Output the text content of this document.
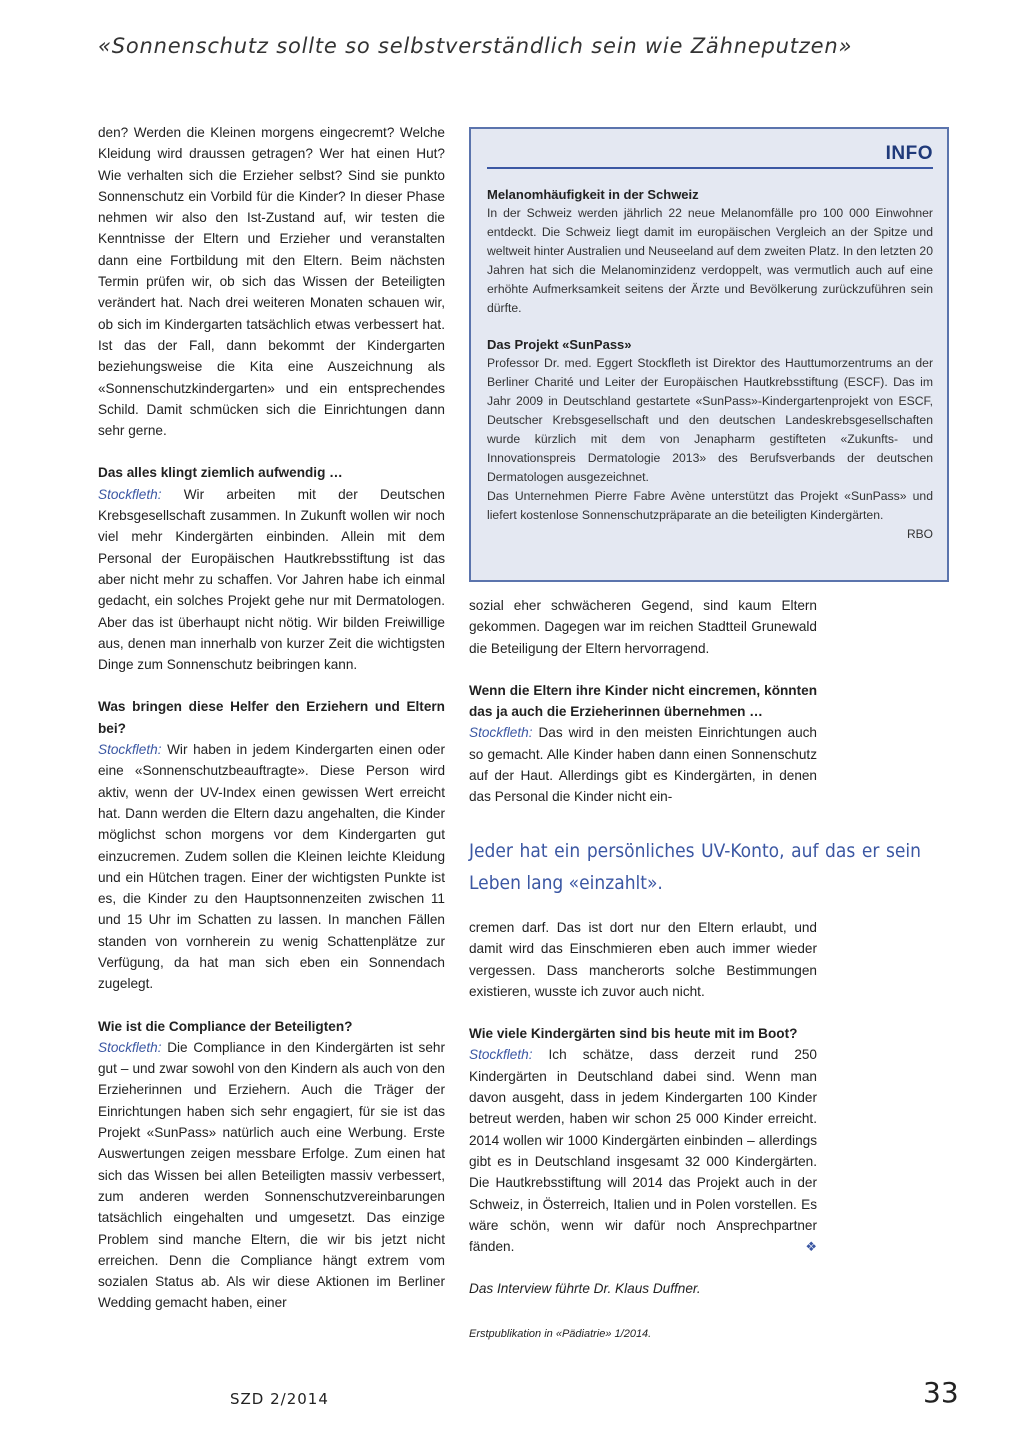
«Sonnenschutz sollte so selbstverständlich sein wie Zähneputzen»

den? Werden die Kleinen morgens eingecremt? Welche Kleidung wird draussen getragen? Wer hat einen Hut? Wie verhalten sich die Erzieher selbst? Sind sie punkto Sonnenschutz ein Vorbild für die Kinder? In dieser Phase nehmen wir also den Ist-Zustand auf, wir testen die Kenntnisse der Eltern und Erzieher und veranstalten dann eine Fortbildung mit den Eltern. Beim nächsten Termin prüfen wir, ob sich das Wissen der Beteiligten verändert hat. Nach drei weiteren Monaten schauen wir, ob sich im Kindergarten tatsächlich etwas verbessert hat. Ist das der Fall, dann bekommt der Kindergarten beziehungsweise die Kita eine Auszeichnung als «Sonnenschutzkindergarten» und ein entsprechendes Schild. Damit schmücken sich die Einrichtungen dann sehr gerne.

Das alles klingt ziemlich aufwendig …

Stockfleth: Wir arbeiten mit der Deutschen Krebsgesellschaft zusammen. In Zukunft wollen wir noch viel mehr Kindergärten einbinden. Allein mit dem Personal der Europäischen Hautkrebsstiftung ist das aber nicht mehr zu schaffen. Vor Jahren habe ich einmal gedacht, ein solches Projekt gehe nur mit Dermatologen. Aber das ist überhaupt nicht nötig. Wir bilden Freiwillige aus, denen man innerhalb von kurzer Zeit die wichtigsten Dinge zum Sonnenschutz beibringen kann.

Was bringen diese Helfer den Erziehern und Eltern bei?

Stockfleth: Wir haben in jedem Kindergarten einen oder eine «Sonnenschutzbeauftragte». Diese Person wird aktiv, wenn der UV-Index einen gewissen Wert erreicht hat. Dann werden die Eltern dazu angehalten, die Kinder möglichst schon morgens vor dem Kindergarten gut einzucremen. Zudem sollen die Kleinen leichte Kleidung und ein Hütchen tragen. Einer der wichtigsten Punkte ist es, die Kinder zu den Hauptsonnenzeiten zwischen 11 und 15 Uhr im Schatten zu lassen. In manchen Fällen standen von vornherein zu wenig Schattenplätze zur Verfügung, da hat man sich eben ein Sonnendach zugelegt.

Wie ist die Compliance der Beteiligten?

Stockfleth: Die Compliance in den Kindergärten ist sehr gut – und zwar sowohl von den Kindern als auch von den Erzieherinnen und Erziehern. Auch die Träger der Einrichtungen haben sich sehr engagiert, für sie ist das Projekt «SunPass» natürlich auch eine Werbung. Erste Auswertungen zeigen messbare Erfolge. Zum einen hat sich das Wissen bei allen Beteiligten massiv verbessert, zum anderen werden Sonnenschutzvereinbarungen tatsächlich eingehalten und umgesetzt. Das einzige Problem sind manche Eltern, die wir bis jetzt nicht erreichen. Denn die Compliance hängt extrem vom sozialen Status ab. Als wir diese Aktionen im Berliner Wedding gemacht haben, einer

INFO
Melanomhäufigkeit in der Schweiz

In der Schweiz werden jährlich 22 neue Melanomfälle pro 100 000 Einwohner entdeckt. Die Schweiz liegt damit im europäischen Vergleich an der Spitze und weltweit hinter Australien und Neuseeland auf dem zweiten Platz. In den letzten 20 Jahren hat sich die Melanominzidenz verdoppelt, was vermutlich auch auf eine erhöhte Aufmerksamkeit seitens der Ärzte und Bevölkerung zurückzuführen sein dürfte.

Das Projekt «SunPass»

Professor Dr. med. Eggert Stockfleth ist Direktor des Hauttumorzentrums an der Berliner Charité und Leiter der Europäischen Hautkrebsstiftung (ESCF). Das im Jahr 2009 in Deutschland gestartete «SunPass»-Kindergartenprojekt von ESCF, Deutscher Krebsgesellschaft und den deutschen Landeskrebsgesellschaften wurde kürzlich mit dem von Jenapharm gestifteten «Zukunfts- und Innovationspreis Dermatologie 2013» des Berufsverbands der deutschen Dermatologen ausgezeichnet.

Das Unternehmen Pierre Fabre Avène unterstützt das Projekt «SunPass» und liefert kostenlose Sonnenschutzpräparate an die beteiligten Kindergärten.

RBO

sozial eher schwächeren Gegend, sind kaum Eltern gekommen. Dagegen war im reichen Stadtteil Grunewald die Beteiligung der Eltern hervorragend.

Wenn die Eltern ihre Kinder nicht eincremen, könnten das ja auch die Erzieherinnen übernehmen …

Stockfleth: Das wird in den meisten Einrichtungen auch so gemacht. Alle Kinder haben dann einen Sonnenschutz auf der Haut. Allerdings gibt es Kindergärten, in denen das Personal die Kinder nicht ein-

Jeder hat ein persönliches UV-Konto, auf das er sein Leben lang «einzahlt».

cremen darf. Das ist dort nur den Eltern erlaubt, und damit wird das Einschmieren eben auch immer wieder vergessen. Dass mancherorts solche Bestimmungen existieren, wusste ich zuvor auch nicht.

Wie viele Kindergärten sind bis heute mit im Boot?

Stockfleth: Ich schätze, dass derzeit rund 250 Kindergärten in Deutschland dabei sind. Wenn man davon ausgeht, dass in jedem Kindergarten 100 Kinder betreut werden, haben wir schon 25 000 Kinder erreicht. 2014 wollen wir 1000 Kindergärten einbinden – allerdings gibt es in Deutschland insgesamt 32 000 Kindergärten. Die Hautkrebsstiftung will 2014 das Projekt auch in der Schweiz, in Österreich, Italien und in Polen vorstellen. Es wäre schön, wenn wir dafür noch Ansprechpartner fänden.	❖

Das Interview führte Dr. Klaus Duffner.

Erstpublikation in «Pädiatrie» 1/2014.

SZD 2/2014	33
